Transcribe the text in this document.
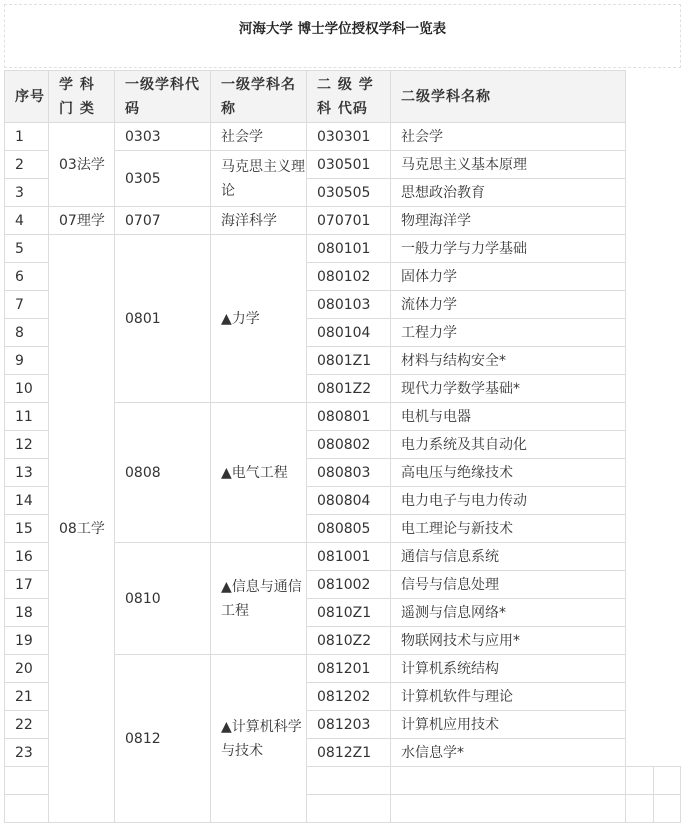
河海大学 博士学位授权学科一览表
序号	学 科 门 类	一级学科代码	一级学科名称	二 级 学 科 代码	二级学科名称		
1	03法学	0303	社会学	030301	社会学		
2		0305	马克思主义理论	030501	马克思主义基本原理		
3				030505	思想政治教育		
4	07理学	0707	海洋科学	070701	物理海洋学		
5	08工学	0801	▲力学	080101	一般力学与力学基础		
6				080102	固体力学		
7				080103	流体力学		
8				080104	工程力学		
9				0801Z1	材料与结构安全*		
10				0801Z2	现代力学数学基础*		
11		0808	▲电气工程	080801	电机与电器		
12				080802	电力系统及其自动化		
13				080803	高电压与绝缘技术		
14				080804	电力电子与电力传动		
15				080805	电工理论与新技术		
16		0810	▲信息与通信工程	081001	通信与信息系统		
17				081002	信号与信息处理		
18				0810Z1	遥测与信息网络*		
19				0810Z2	物联网技术与应用*		
20		0812	▲计算机科学与技术	081201	计算机系统结构		
21				081202	计算机软件与理论		
22				081203	计算机应用技术		
23				0812Z1	水信息学*		
